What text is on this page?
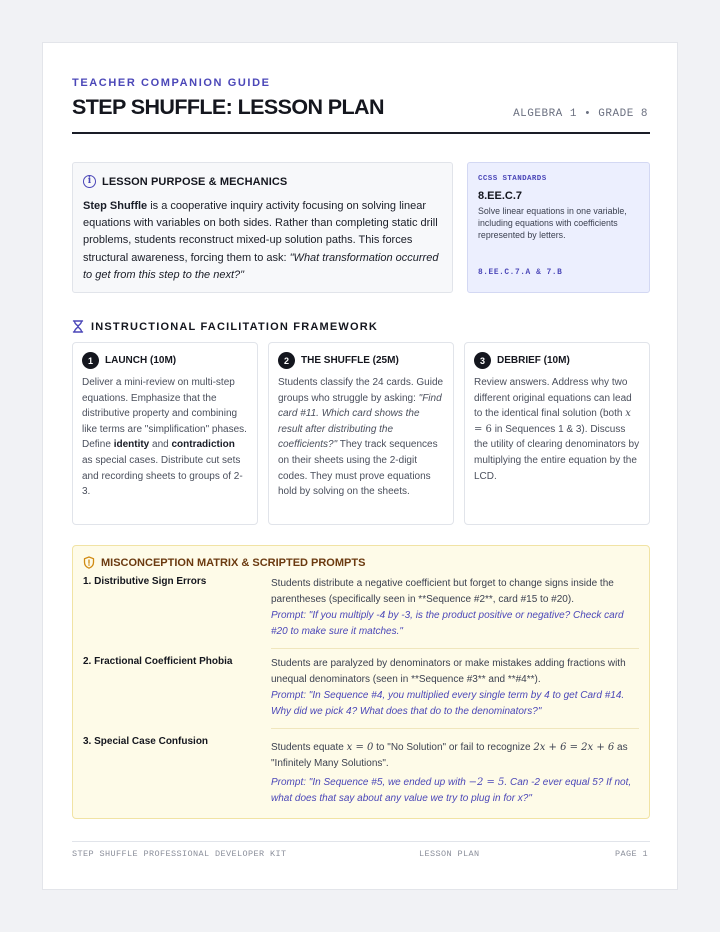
TEACHER COMPANION GUIDE
STEP SHUFFLE: LESSON PLAN	ALGEBRA 1 • GRADE 8
i LESSON PURPOSE & MECHANICS

Step Shuffle is a cooperative inquiry activity focusing on solving linear equations with variables on both sides. Rather than completing static drill problems, students reconstruct mixed-up solution paths. This forces structural awareness, forcing them to ask: "What transformation occurred to get from this step to the next?"

CCSS STANDARDS
8.EE.C.7
Solve linear equations in one variable, including equations with coefficients represented by letters.
8.EE.C.7.A & 7.B
INSTRUCTIONAL FACILITATION FRAMEWORK
1	LAUNCH (10M)

Deliver a mini-review on multi-step equations. Emphasize that the distributive property and combining like terms are "simplification" phases. Define identity and contradiction as special cases. Distribute cut sets and recording sheets to groups of 2-3.

2	THE SHUFFLE (25M)

Students classify the 24 cards. Guide groups who struggle by asking: "Find card #11. Which card shows the result after distributing the coefficients?" They track sequences on their sheets using the 2-digit codes. They must prove equations hold by solving on the sheets.

3	DEBRIEF (10M)

Review answers. Address why two different original equations can lead to the identical final solution (both x
= 6 in Sequences 1 & 3). Discuss the utility of clearing denominators by multiplying the entire equation by the LCD.

MISCONCEPTION MATRIX & SCRIPTED PROMPTS
1. Distributive Sign Errors	Students distribute a negative coefficient but forget to change signs inside the parentheses (specifically seen in **Sequence #2**, card #15 to #20).
Prompt: "If you multiply -4 by -3, is the product positive or negative? Check card #20 to make sure it matches."
2. Fractional Coefficient Phobia	Students are paralyzed by denominators or make mistakes adding fractions with unequal denominators (seen in **Sequence #3** and **#4**).
Prompt: "In Sequence #4, you multiplied every single term by 4 to get Card #14. Why did we pick 4? What does that do to the denominators?"
3. Special Case Confusion
Students equate x = 0 to "No Solution" or fail to recognize 2x + 6 = 2x + 6 as "Infinitely Many Solutions".
Prompt: "In Sequence #5, we ended up with −2 = 5. Can -2 ever equal 5? If not, what does that say about any value we try to plug in for x?"
STEP SHUFFLE PROFESSIONAL DEVELOPER KIT	LESSON PLAN	PAGE 1
